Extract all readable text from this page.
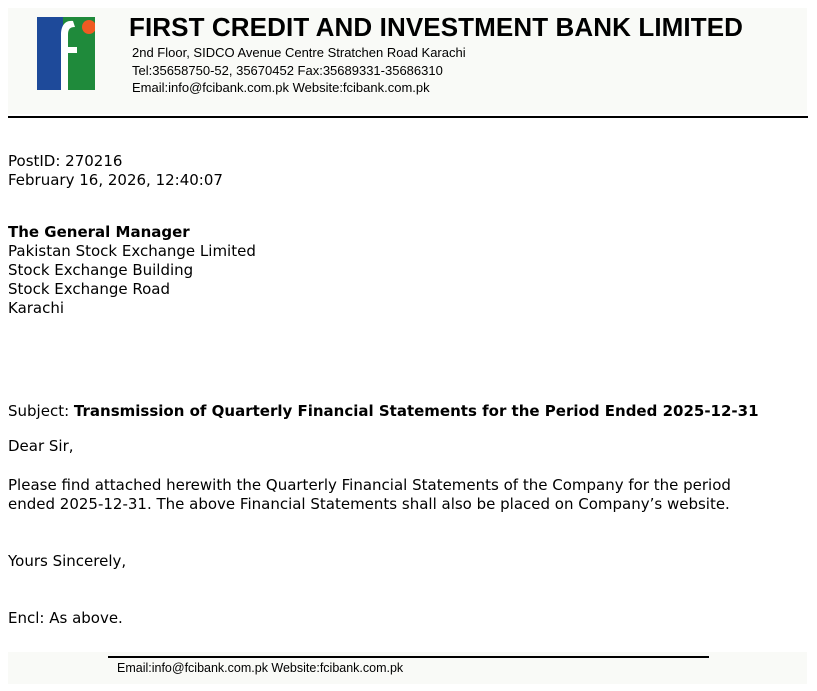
FIRST CREDIT AND INVESTMENT BANK LIMITED
2nd Floor, SIDCO Avenue Centre Stratchen Road Karachi
Tel:35658750-52, 35670452 Fax:35689331-35686310
Email:info@fcibank.com.pk Website:fcibank.com.pk
PostID: 270216
February 16, 2026, 12:40:07
The General Manager
Pakistan Stock Exchange Limited
Stock Exchange Building
Stock Exchange Road
Karachi
Subject: Transmission of Quarterly Financial Statements for the Period Ended 2025-12-31
Dear Sir,
Please find attached herewith the Quarterly Financial Statements of the Company for the period
ended 2025-12-31. The above Financial Statements shall also be placed on Company’s website.
Yours Sincerely,
Encl: As above.
Email:info@fcibank.com.pk Website:fcibank.com.pk
